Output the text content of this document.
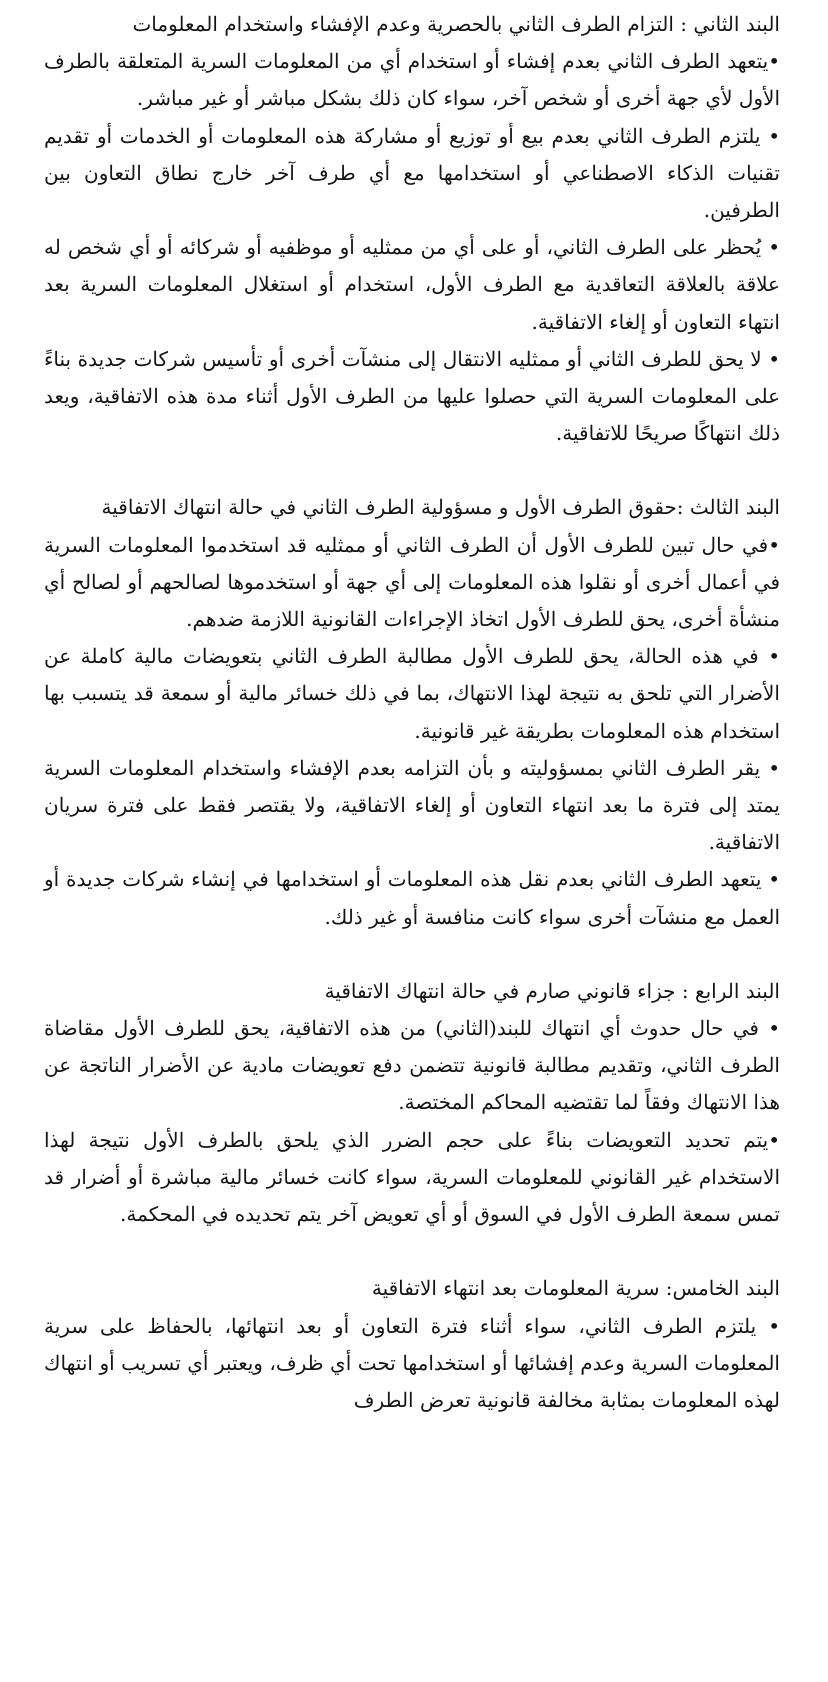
البند الثاني : التزام الطرف الثاني بالحصرية وعدم الإفشاء واستخدام المعلومات

•يتعهد الطرف الثاني بعدم إفشاء أو استخدام أي من المعلومات السرية المتعلقة بالطرف الأول لأي جهة أخرى أو شخص آخر، سواء كان ذلك بشكل مباشر أو غير مباشر.

• يلتزم الطرف الثاني بعدم بيع أو توزيع أو مشاركة هذه المعلومات أو الخدمات أو تقديم تقنيات الذكاء الاصطناعي أو استخدامها مع أي طرف آخر خارج نطاق التعاون بين الطرفين.

• يُحظر على الطرف الثاني، أو على أي من ممثليه أو موظفيه أو شركائه أو أي شخص له علاقة بالعلاقة التعاقدية مع الطرف الأول، استخدام أو استغلال المعلومات السرية بعد انتهاء التعاون أو إلغاء الاتفاقية.

• لا يحق للطرف الثاني أو ممثليه الانتقال إلى منشآت أخرى أو تأسيس شركات جديدة بناءً على المعلومات السرية التي حصلوا عليها من الطرف الأول أثناء مدة هذه الاتفاقية، ويعد ذلك انتهاكًا صريحًا للاتفاقية.

البند الثالث :حقوق الطرف الأول و مسؤولية الطرف الثاني في حالة انتهاك الاتفاقية

•في حال تبين للطرف الأول أن الطرف الثاني أو ممثليه قد استخدموا المعلومات السرية في أعمال أخرى أو نقلوا هذه المعلومات إلى أي جهة أو استخدموها لصالحهم أو لصالح أي منشأة أخرى، يحق للطرف الأول اتخاذ الإجراءات القانونية اللازمة ضدهم.

• في هذه الحالة، يحق للطرف الأول مطالبة الطرف الثاني بتعويضات مالية كاملة عن الأضرار التي تلحق به نتيجة لهذا الانتهاك، بما في ذلك خسائر مالية أو سمعة قد يتسبب بها استخدام هذه المعلومات بطريقة غير قانونية.

• يقر الطرف الثاني بمسؤوليته و بأن التزامه بعدم الإفشاء واستخدام المعلومات السرية يمتد إلى فترة ما بعد انتهاء التعاون أو إلغاء الاتفاقية، ولا يقتصر فقط على فترة سريان الاتفاقية.

• يتعهد الطرف الثاني بعدم نقل هذه المعلومات أو استخدامها في إنشاء شركات جديدة أو العمل مع منشآت أخرى سواء كانت منافسة أو غير ذلك.

البند الرابع : جزاء قانوني صارم في حالة انتهاك الاتفاقية

• في حال حدوث أي انتهاك للبند(الثاني) من هذه الاتفاقية، يحق للطرف الأول مقاضاة الطرف الثاني، وتقديم مطالبة قانونية تتضمن دفع تعويضات مادية عن الأضرار الناتجة عن هذا الانتهاك وفقاً لما تقتضيه المحاكم المختصة.

•يتم تحديد التعويضات بناءً على حجم الضرر الذي يلحق بالطرف الأول نتيجة لهذا الاستخدام غير القانوني للمعلومات السرية، سواء كانت خسائر مالية مباشرة أو أضرار قد تمس سمعة الطرف الأول في السوق أو أي تعويض آخر يتم تحديده في المحكمة.

البند الخامس: سرية المعلومات بعد انتهاء الاتفاقية

• يلتزم الطرف الثاني، سواء أثناء فترة التعاون أو بعد انتهائها، بالحفاظ على سرية المعلومات السرية وعدم إفشائها أو استخدامها تحت أي ظرف، ويعتبر أي تسريب أو انتهاك لهذه المعلومات بمثابة مخالفة قانونية تعرض الطرف
